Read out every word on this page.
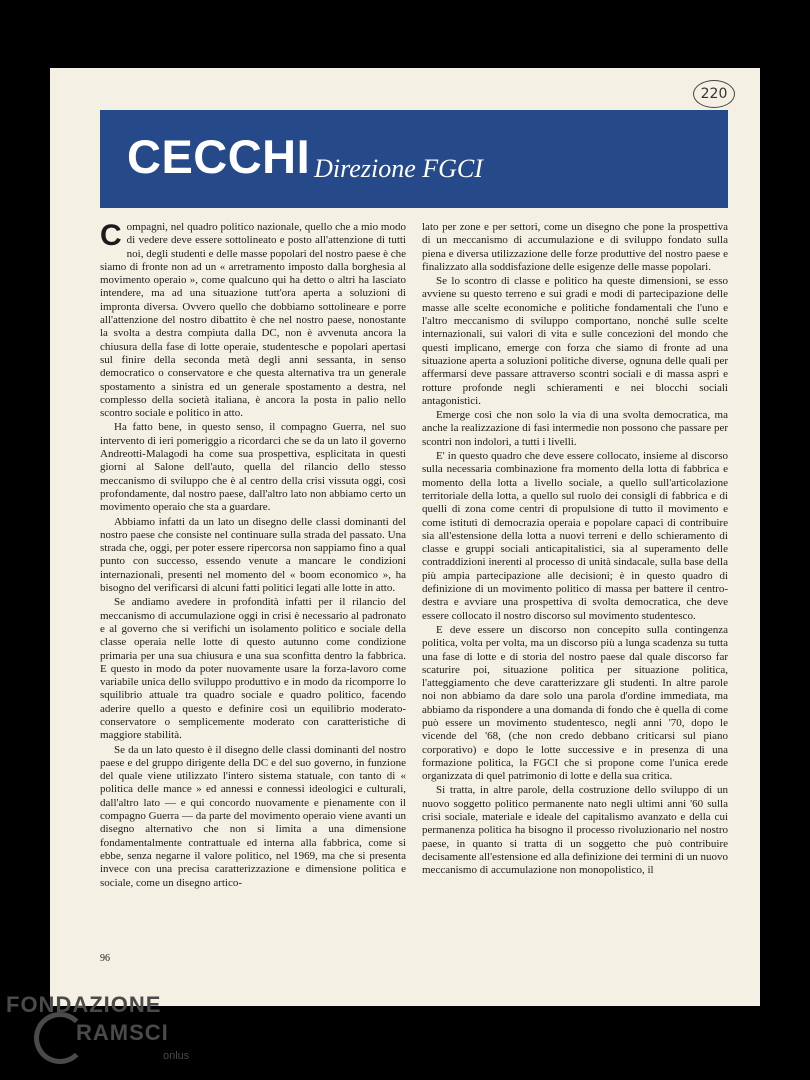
220
CECCHI
- Direzione FGCI

Compagni, nel quadro politico nazionale, quello che a mio modo di vedere deve essere sottolineato e posto all'attenzione di tutti noi, degli studenti e delle masse popolari del nostro paese è che siamo di fronte non ad un « arretramento imposto dalla borghesia al movimento operaio », come qualcuno qui ha detto o altri ha lasciato intendere, ma ad una situazione tutt'ora aperta a soluzioni di impronta diversa. Ovvero quello che dobbiamo sottolineare e porre all'attenzione del nostro dibattito è che nel nostro paese, nonostante la svolta a destra compiuta dalla DC, non è avvenuta ancora la chiusura della fase di lotte operaie, studentesche e popolari apertasi sul finire della seconda metà degli anni sessanta, in senso democratico o conservatore e che questa alternativa tra un generale spostamento a sinistra ed un generale spostamento a destra, nel complesso della società italiana, è ancora la posta in palio nello scontro sociale e politico in atto.

Ha fatto bene, in questo senso, il compagno Guerra, nel suo intervento di ieri pomeriggio a ricordarci che se da un lato il governo Andreotti-Malagodi ha come sua prospettiva, esplicitata in questi giorni al Salone dell'auto, quella del rilancio dello stesso meccanismo di sviluppo che è al centro della crisi vissuta oggi, così profondamente, dal nostro paese, dall'altro lato non abbiamo certo un movimento operaio che sta a guardare.

Abbiamo infatti da un lato un disegno delle classi dominanti del nostro paese che consiste nel continuare sulla strada del passato. Una strada che, oggi, per poter essere ripercorsa non sappiamo fino a qual punto con successo, essendo venute a mancare le condizioni internazionali, presenti nel momento del « boom economico », ha bisogno del verificarsi di alcuni fatti politici legati alle lotte in atto.

Se andiamo avedere in profondità infatti per il rilancio del meccanismo di accumulazione oggi in crisi è necessario al padronato e al governo che si verifichi un isolamento politico e sociale della classe operaia nelle lotte di questo autunno come condizione primaria per una sua chiusura e una sua sconfitta dentro la fabbrica. E questo in modo da poter nuovamente usare la forza-lavoro come variabile unica dello sviluppo produttivo e in modo da ricomporre lo squilibrio attuale tra quadro sociale e quadro politico, facendo aderire quello a questo e definire così un equilibrio moderato-conservatore o semplicemente moderato con caratteristiche di maggiore stabilità.

Se da un lato questo è il disegno delle classi dominanti del nostro paese e del gruppo dirigente della DC e del suo governo, in funzione del quale viene utilizzato l'intero sistema statuale, con tanto di « politica delle mance » ed annessi e connessi ideologici e culturali, dall'altro lato — e qui concordo nuovamente e pienamente con il compagno Guerra — da parte del movimento operaio viene avanti un disegno alternativo che non si limita a una dimensione fondamentalmente contrattuale ed interna alla fabbrica, come si ebbe, senza negarne il valore politico, nel 1969, ma che si presenta invece con una precisa caratterizzazione e dimensione politica e sociale, come un disegno artico-

lato per zone e per settori, come un disegno che pone la prospettiva di un meccanismo di accumulazione e di sviluppo fondato sulla piena e diversa utilizzazione delle forze produttive del nostro paese e finalizzato alla soddisfazione delle esigenze delle masse popolari.

Se lo scontro di classe e politico ha queste dimensioni, se esso avviene su questo terreno e sui gradi e modi di partecipazione delle masse alle scelte economiche e politiche fondamentali che l'uno e l'altro meccanismo di sviluppo comportano, nonché sulle scelte internazionali, sui valori di vita e sulle concezioni del mondo che questi implicano, emerge con forza che siamo di fronte ad una situazione aperta a soluzioni politiche diverse, ognuna delle quali per affermarsi deve passare attraverso scontri sociali e di massa aspri e rotture profonde negli schieramenti e nei blocchi sociali antagonistici.

Emerge così che non solo la via di una svolta democratica, ma anche la realizzazione di fasi intermedie non possono che passare per scontri non indolori, a tutti i livelli.

E' in questo quadro che deve essere collocato, insieme al discorso sulla necessaria combinazione fra momento della lotta di fabbrica e momento della lotta a livello sociale, a quello sull'articolazione territoriale della lotta, a quello sul ruolo dei consigli di fabbrica e di quelli di zona come centri di propulsione di tutto il movimento e come istituti di democrazia operaia e popolare capaci di contribuire sia all'estensione della lotta a nuovi terreni e dello schieramento di classe e gruppi sociali anticapitalistici, sia al superamento delle contraddizioni inerenti al processo di unità sindacale, sulla base della più ampia partecipazione alle decisioni; è in questo quadro di definizione di un movimento politico di massa per battere il centro-destra e avviare una prospettiva di svolta democratica, che deve essere collocato il nostro discorso sul movimento studentesco.

E deve essere un discorso non concepito sulla contingenza politica, volta per volta, ma un discorso più a lunga scadenza su tutta una fase di lotte e di storia del nostro paese dal quale discorso far scaturire poi, situazione politica per situazione politica, l'atteggiamento che deve caratterizzare gli studenti. In altre parole noi non abbiamo da dare solo una parola d'ordine immediata, ma abbiamo da rispondere a una domanda di fondo che è quella di come può essere un movimento studentesco, negli anni '70, dopo le vicende del '68, (che non credo debbano criticarsi sul piano corporativo) e dopo le lotte successive e in presenza di una formazione politica, la FGCI che si propone come l'unica erede organizzata di quel patrimonio di lotte e della sua critica.

Si tratta, in altre parole, della costruzione dello sviluppo di un nuovo soggetto politico permanente nato negli ultimi anni '60 sulla crisi sociale, materiale e ideale del capitalismo avanzato e della cui permanenza politica ha bisogno il processo rivoluzionario nel nostro paese, in quanto si tratta di un soggetto che può contribuire decisamente all'estensione ed alla definizione dei termini di un nuovo meccanismo di accumulazione non monopolistico, il

96
FONDAZIONE
RAMSCI
onlus
